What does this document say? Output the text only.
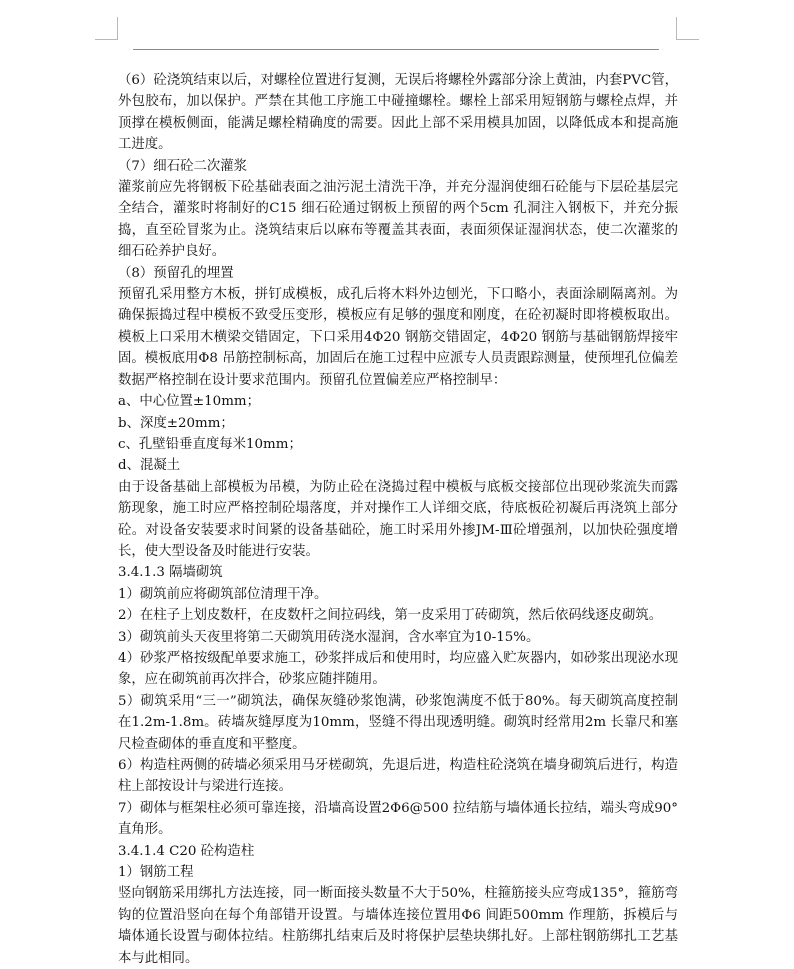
（6）砼浇筑结束以后，对螺栓位置进行复测，无误后将螺栓外露部分涂上黄油，内套PVC管，外包胶布，加以保护。严禁在其他工序施工中碰撞螺栓。螺栓上部采用短钢筋与螺栓点焊，并顶撑在模板侧面，能满足螺栓精确度的需要。因此上部不采用模具加固，以降低成本和提高施工进度。

（7）细石砼二次灌浆

灌浆前应先将钢板下砼基础表面之油污泥土清洗干净，并充分湿润使细石砼能与下层砼基层完全结合，灌浆时将制好的C15 细石砼通过钢板上预留的两个5cm 孔洞注入钢板下，并充分振捣，直至砼冒浆为止。浇筑结束后以麻布等覆盖其表面，表面须保证湿润状态，使二次灌浆的细石砼养护良好。

（8）预留孔的埋置

预留孔采用整方木板，拼钉成模板，成孔后将木料外边刨光，下口略小，表面涂刷隔离剂。为确保振捣过程中模板不致受压变形，模板应有足够的强度和刚度，在砼初凝时即将模板取出。模板上口采用木横梁交错固定，下口采用4Φ20 钢筋交错固定，4Φ20 钢筋与基础钢筋焊接牢固。模板底用Φ8 吊筋控制标高，加固后在施工过程中应派专人员责跟踪测量，使预埋孔位偏差数据严格控制在设计要求范围内。预留孔位置偏差应严格控制早：

a、中心位置±10mm；

b、深度±20mm；

c、孔壁铅垂直度每米10mm；

d、混凝土

由于设备基础上部模板为吊模，为防止砼在浇捣过程中模板与底板交接部位出现砂浆流失而露筋现象，施工时应严格控制砼塌落度，并对操作工人详细交底，待底板砼初凝后再浇筑上部分砼。对设备安装要求时间紧的设备基础砼，施工时采用外掺JM-Ⅲ砼增强剂，以加快砼强度增长，使大型设备及时能进行安装。

3.4.1.3 隔墙砌筑

1）砌筑前应将砌筑部位清理干净。

2）在柱子上划皮数杆，在皮数杆之间拉码线，第一皮采用丁砖砌筑，然后依码线逐皮砌筑。

3）砌筑前头天夜里将第二天砌筑用砖浇水湿润，含水率宜为10-15%。

4）砂浆严格按级配单要求施工，砂浆拌成后和使用时，均应盛入贮灰器内，如砂浆出现泌水现象，应在砌筑前再次拌合，砂浆应随拌随用。

5）砌筑采用“三一”砌筑法，确保灰缝砂浆饱满，砂浆饱满度不低于80%。每天砌筑高度控制在1.2m-1.8m。砖墙灰缝厚度为10mm，竖缝不得出现透明缝。砌筑时经常用2m 长靠尺和塞尺检查砌体的垂直度和平整度。

6）构造柱两侧的砖墙必须采用马牙槎砌筑，先退后进，构造柱砼浇筑在墙身砌筑后进行，构造柱上部按设计与梁进行连接。

7）砌体与框架柱必须可靠连接，沿墙高设置2Φ6@500 拉结筋与墙体通长拉结，端头弯成90°直角形。

3.4.1.4 C20 砼构造柱

1）钢筋工程

竖向钢筋采用绑扎方法连接，同一断面接头数量不大于50%，柱箍筋接头应弯成135°，箍筋弯钩的位置沿竖向在每个角部错开设置。与墙体连接位置用Φ6 间距500mm 作理筋，拆模后与墙体通长设置与砌体拉结。柱筋绑扎结束后及时将保护层垫块绑扎好。上部柱钢筋绑扎工艺基本与此相同。
